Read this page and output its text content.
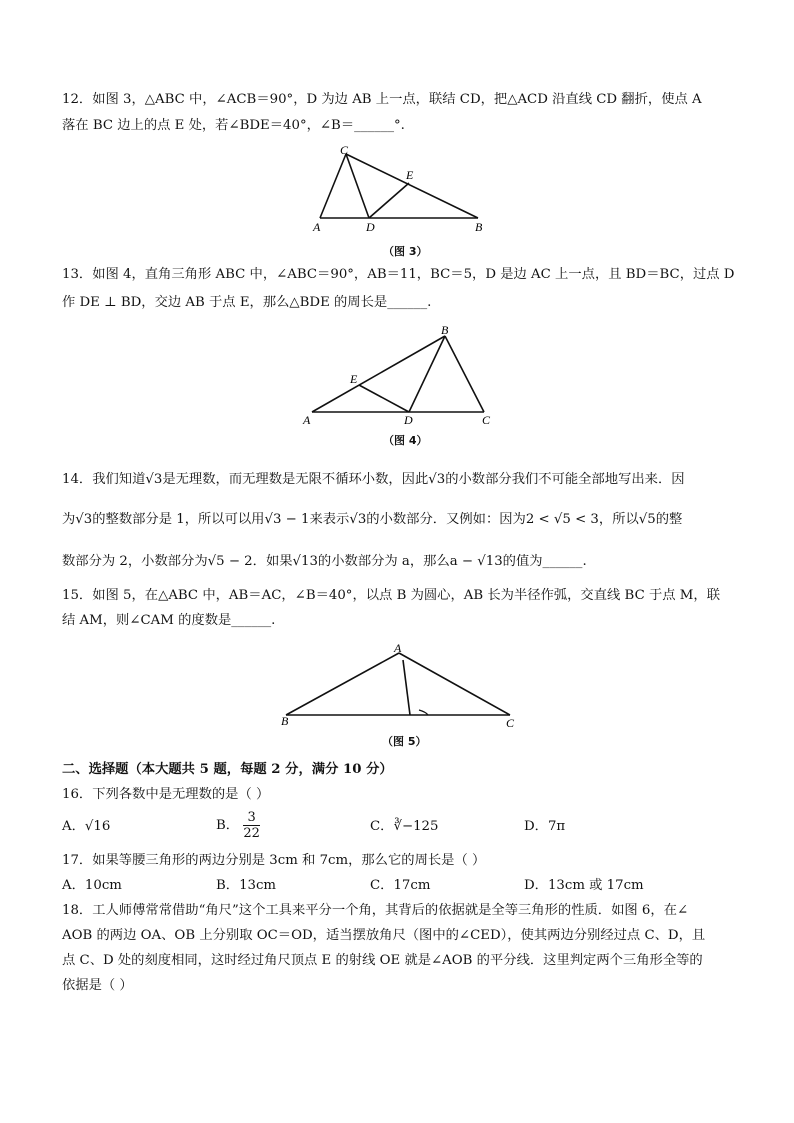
12．如图 3，△ABC 中，∠ACB＝90°，D 为边 AB 上一点，联结 CD，把△ACD 沿直线 CD 翻折，使点 A
落在 BC 边上的点 E 处，若∠BDE＝40°，∠B＝______°.
C
E
A	D	B
（图 3）
13．如图 4，直角三角形 ABC 中，∠ABC＝90°，AB＝11，BC＝5，D 是边 AC 上一点，且 BD＝BC，过点 D
作 DE ⊥ BD，交边 AB 于点 E，那么△BDE 的周长是______.
B
E
A	D	C
（图 4）
14．我们知道√3是无理数，而无理数是无限不循环小数，因此√3的小数部分我们不可能全部地写出来．因
为√3的整数部分是 1，所以可以用√3 − 1来表示√3的小数部分．又例如：因为2 < √5 < 3，所以√5的整
数部分为 2，小数部分为√5 − 2．如果√13的小数部分为 a，那么a − √13的值为______.
15．如图 5，在△ABC 中，AB＝AC，∠B＝40°，以点 B 为圆心，AB 长为半径作弧，交直线 BC 于点 M，联
结 AM，则∠CAM 的度数是______.
A
B	C
（图 5）
二、选择题（本大题共 5 题，每题 2 分，满分 10 分）
16．下列各数中是无理数的是（ ）
A．√16	B． $\frac{3}{22}$	C．∛−125	D．7π
17．如果等腰三角形的两边分别是 3cm 和 7cm，那么它的周长是（ ）
A．10cm	B．13cm	C．17cm	D．13cm 或 17cm
18．工人师傅常常借助“角尺”这个工具来平分一个角，其背后的依据就是全等三角形的性质．如图 6，在∠
AOB 的两边 OA、OB 上分别取 OC＝OD，适当摆放角尺（图中的∠CED），使其两边分别经过点 C、D，且
点 C、D 处的刻度相同，这时经过角尺顶点 E 的射线 OE 就是∠AOB 的平分线．这里判定两个三角形全等的
依据是（ ）
